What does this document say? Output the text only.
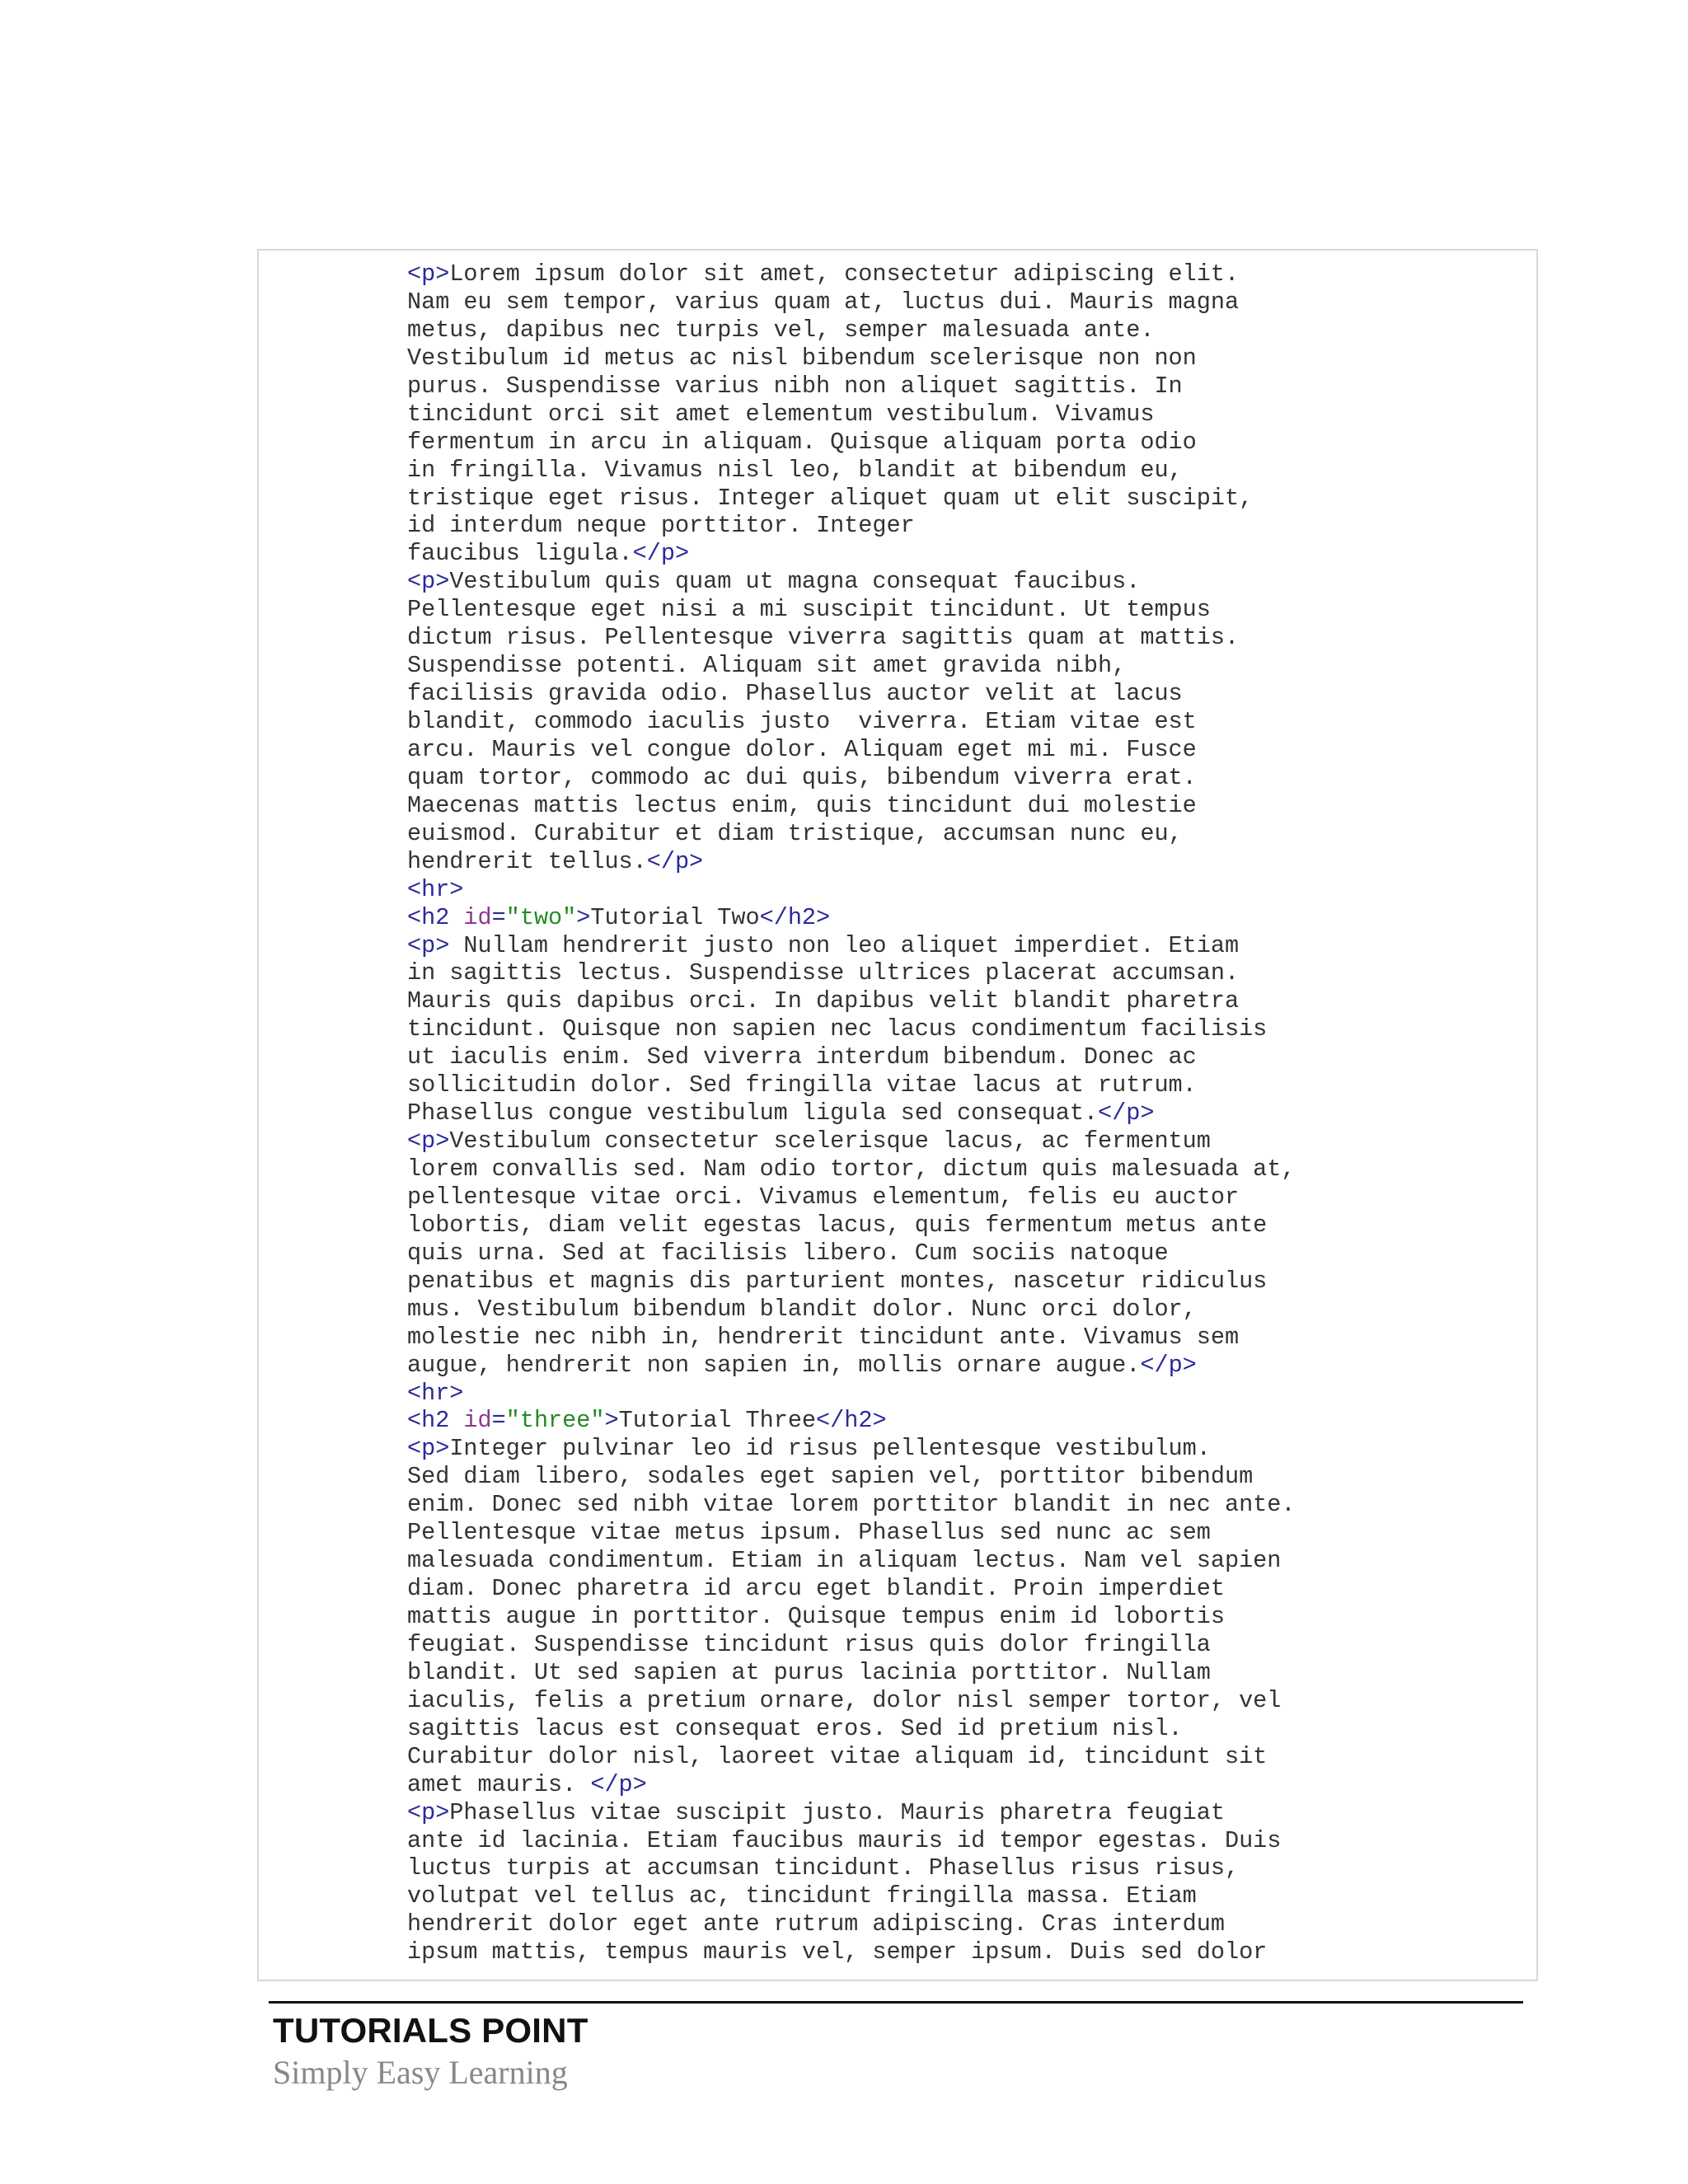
<p>Lorem ipsum dolor sit amet, consectetur adipiscing elit.
Nam eu sem tempor, varius quam at, luctus dui. Mauris magna
metus, dapibus nec turpis vel, semper malesuada ante.
Vestibulum id metus ac nisl bibendum scelerisque non non
purus. Suspendisse varius nibh non aliquet sagittis. In
tincidunt orci sit amet elementum vestibulum. Vivamus
fermentum in arcu in aliquam. Quisque aliquam porta odio
in fringilla. Vivamus nisl leo, blandit at bibendum eu,
tristique eget risus. Integer aliquet quam ut elit suscipit,
id interdum neque porttitor. Integer
faucibus ligula.</p>
<p>Vestibulum quis quam ut magna consequat faucibus.
Pellentesque eget nisi a mi suscipit tincidunt. Ut tempus
dictum risus. Pellentesque viverra sagittis quam at mattis.
Suspendisse potenti. Aliquam sit amet gravida nibh,
facilisis gravida odio. Phasellus auctor velit at lacus
blandit, commodo iaculis justo  viverra. Etiam vitae est
arcu. Mauris vel congue dolor. Aliquam eget mi mi. Fusce
quam tortor, commodo ac dui quis, bibendum viverra erat.
Maecenas mattis lectus enim, quis tincidunt dui molestie
euismod. Curabitur et diam tristique, accumsan nunc eu,
hendrerit tellus.</p>
<hr>
<h2 id="two">Tutorial Two</h2>
<p> Nullam hendrerit justo non leo aliquet imperdiet. Etiam
in sagittis lectus. Suspendisse ultrices placerat accumsan.
Mauris quis dapibus orci. In dapibus velit blandit pharetra
tincidunt. Quisque non sapien nec lacus condimentum facilisis
ut iaculis enim. Sed viverra interdum bibendum. Donec ac
sollicitudin dolor. Sed fringilla vitae lacus at rutrum.
Phasellus congue vestibulum ligula sed consequat.</p>
<p>Vestibulum consectetur scelerisque lacus, ac fermentum
lorem convallis sed. Nam odio tortor, dictum quis malesuada at,
pellentesque vitae orci. Vivamus elementum, felis eu auctor
lobortis, diam velit egestas lacus, quis fermentum metus ante
quis urna. Sed at facilisis libero. Cum sociis natoque
penatibus et magnis dis parturient montes, nascetur ridiculus
mus. Vestibulum bibendum blandit dolor. Nunc orci dolor,
molestie nec nibh in, hendrerit tincidunt ante. Vivamus sem
augue, hendrerit non sapien in, mollis ornare augue.</p>
<hr>
<h2 id="three">Tutorial Three</h2>
<p>Integer pulvinar leo id risus pellentesque vestibulum.
Sed diam libero, sodales eget sapien vel, porttitor bibendum
enim. Donec sed nibh vitae lorem porttitor blandit in nec ante.
Pellentesque vitae metus ipsum. Phasellus sed nunc ac sem
malesuada condimentum. Etiam in aliquam lectus. Nam vel sapien
diam. Donec pharetra id arcu eget blandit. Proin imperdiet
mattis augue in porttitor. Quisque tempus enim id lobortis
feugiat. Suspendisse tincidunt risus quis dolor fringilla
blandit. Ut sed sapien at purus lacinia porttitor. Nullam
iaculis, felis a pretium ornare, dolor nisl semper tortor, vel
sagittis lacus est consequat eros. Sed id pretium nisl.
Curabitur dolor nisl, laoreet vitae aliquam id, tincidunt sit
amet mauris. </p>
<p>Phasellus vitae suscipit justo. Mauris pharetra feugiat
ante id lacinia. Etiam faucibus mauris id tempor egestas. Duis
luctus turpis at accumsan tincidunt. Phasellus risus risus,
volutpat vel tellus ac, tincidunt fringilla massa. Etiam
hendrerit dolor eget ante rutrum adipiscing. Cras interdum
ipsum mattis, tempus mauris vel, semper ipsum. Duis sed dolor
TUTORIALS POINT
Simply Easy Learning
